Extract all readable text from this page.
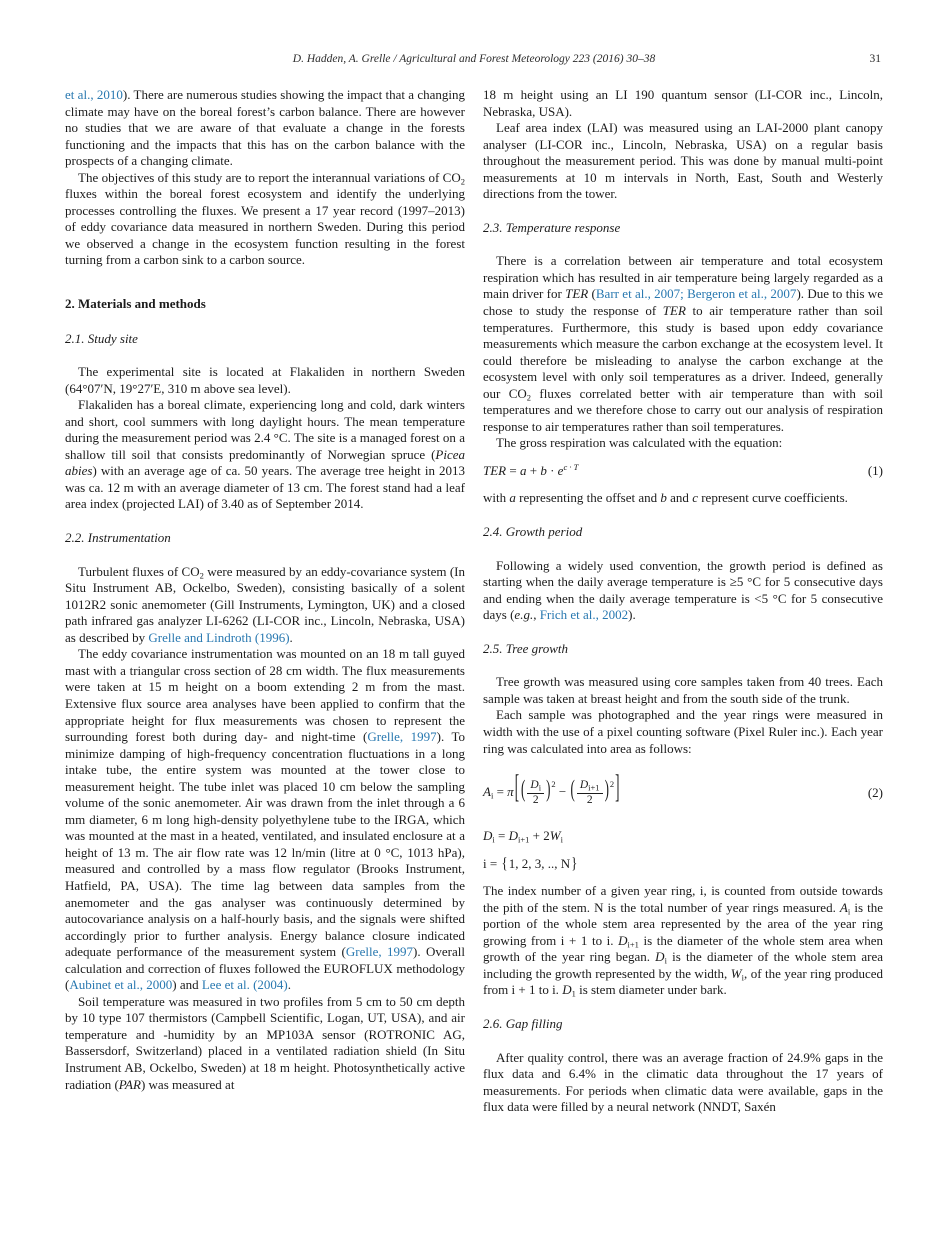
D. Hadden, A. Grelle / Agricultural and Forest Meteorology 223 (2016) 30–38	31

et al., 2010). There are numerous studies showing the impact that a changing climate may have on the boreal forest’s carbon balance. There are however no studies that we are aware of that evaluate a change in the forests functioning and the impacts that this has on the carbon balance with the prospects of a changing climate.

The objectives of this study are to report the interannual variations of $CO_2$ fluxes within the boreal forest ecosystem and identify the underlying processes controlling the fluxes. We present a 17 year record (1997–2013) of eddy covariance data measured in northern Sweden. During this period we observed a change in the ecosystem function resulting in the forest turning from a carbon sink to a carbon source.

2. Materials and methods
2.1. Study site

The experimental site is located at Flakaliden in northern Sweden (64°07′N, 19°27′E, 310 m above sea level).

Flakaliden has a boreal climate, experiencing long and cold, dark winters and short, cool summers with long daylight hours. The mean temperature during the measurement period was 2.4 °C. The site is a managed forest on a shallow till soil that consists predominantly of Norwegian spruce (Picea abies) with an average age of ca. 50 years. The average tree height in 2013 was ca. 12 m with an average diameter of 13 cm. The forest stand had a leaf area index (projected LAI) of 3.40 as of September 2014.

2.2. Instrumentation

Turbulent fluxes of $CO_2$ were measured by an eddy-covariance system (In Situ Instrument AB, Ockelbo, Sweden), consisting basically of a solent 1012R2 sonic anemometer (Gill Instruments, Lymington, UK) and a closed path infrared gas analyzer LI-6262 (LI-COR inc., Lincoln, Nebraska, USA) as described by Grelle and Lindroth (1996).

The eddy covariance instrumentation was mounted on an 18 m tall guyed mast with a triangular cross section of 28 cm width. The flux measurements were taken at 15 m height on a boom extending 2 m from the mast. Extensive flux source area analyses have been applied to confirm that the appropriate height for flux measurements was chosen to represent the surrounding forest both during day- and night-time (Grelle, 1997). To minimize damping of high-frequency concentration fluctuations in a long intake tube, the entire system was mounted at the tower close to measurement height. The tube inlet was placed 10 cm below the sampling volume of the sonic anemometer. Air was drawn from the inlet through a 6 mm diameter, 6 m long high-density polyethylene tube to the IRGA, which was mounted at the mast in a heated, ventilated, and insulated enclosure at a height of 13 m. The air flow rate was 12 ln/min (litre at 0 °C, 1013 hPa), measured and controlled by a mass flow regulator (Brooks Instrument, Hatfield, PA, USA). The time lag between data samples from the anemometer and the gas analyser was continuously determined by autocovariance analysis on a half-hourly basis, and the signals were shifted accordingly prior to further analysis. Energy balance closure indicated adequate performance of the measurement system (Grelle, 1997). Overall calculation and correction of fluxes followed the EUROFLUX methodology (Aubinet et al., 2000) and Lee et al. (2004).

Soil temperature was measured in two profiles from 5 cm to 50 cm depth by 10 type 107 thermistors (Campbell Scientific, Logan, UT, USA), and air temperature and -humidity by an MP103A sensor (ROTRONIC AG, Bassersdorf, Switzerland) placed in a ventilated radiation shield (In Situ Instrument AB, Ockelbo, Sweden) at 18 m height. Photosynthetically active radiation (PAR) was measured at

18 m height using an LI 190 quantum sensor (LI-COR inc., Lincoln, Nebraska, USA).

Leaf area index (LAI) was measured using an LAI-2000 plant canopy analyser (LI-COR inc., Lincoln, Nebraska, USA) on a regular basis throughout the measurement period. This was done by manual multi-point measurements at 10 m intervals in North, East, South and Westerly directions from the tower.

2.3. Temperature response

There is a correlation between air temperature and total ecosystem respiration which has resulted in air temperature being largely regarded as a main driver for TER (Barr et al., 2007; Bergeron et al., 2007). Due to this we chose to study the response of TER to air temperature rather than soil temperatures. Furthermore, this study is based upon eddy covariance measurements which measure the carbon exchange at the ecosystem level. It could therefore be misleading to analyse the carbon exchange at the ecosystem level with only soil temperatures as a driver. Indeed, generally our $CO_2$ fluxes correlated better with air temperature than with soil temperatures and we therefore chose to carry out our analysis of respiration response to air temperatures rather than soil temperatures.

The gross respiration was calculated with the equation:

TER = $a + b \cdot e^{c \cdot T}$	(1)

with a representing the offset and b and c represent curve coefficients.

2.4. Growth period

Following a widely used convention, the growth period is defined as starting when the daily average temperature is ≥5 °C for 5 consecutive days and ending when the daily average temperature is <5 °C for 5 consecutive days (e.g., Frich et al., 2002).

2.5. Tree growth

Tree growth was measured using core samples taken from 40 trees. Each sample was taken at breast height and from the south side of the trunk.

Each sample was photographed and the year rings were measured in width with the use of a pixel counting software (Pixel Ruler inc.). Each year ring was calculated into area as follows:

$A_i = \pi$[ ( $\frac{D_i}{2} )^2$ − ( $\frac{D_{i+1}}{2} )^2$]	(2)
$D_i = D_{i+1} + 2W_i$
i = {1, 2, 3, .., N}

The index number of a given year ring, i, is counted from outside towards the pith of the stem. N is the total number of year rings measured. $A_i$ is the portion of the whole stem area represented by the area of the year ring growing from i + 1 to i. $D_{i+1}$ is the diameter of the whole stem area when growth of the year ring began. $D_i$ is the diameter of the whole stem area including the growth represented by the width, $W_i$, of the year ring produced from i + 1 to i. $D_1$ is stem diameter under bark.

2.6. Gap filling

After quality control, there was an average fraction of 24.9% gaps in the flux data and 6.4% in the climatic data throughout the 17 years of measurements. For periods when climatic data were available, gaps in the flux data were filled by a neural network (NNDT, Saxén
